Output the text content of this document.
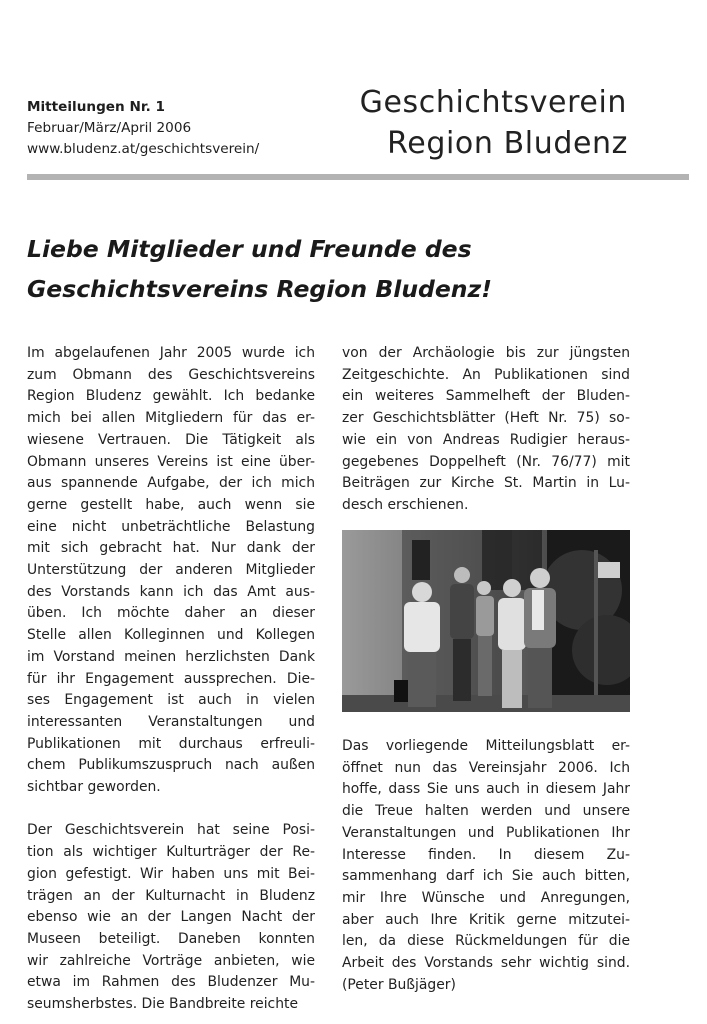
Mitteilungen Nr. 1
Februar/März/April 2006
www.bludenz.at/geschichtsverein/
Geschichtsverein
Region Bludenz
Liebe Mitglieder und Freunde des
Geschichtsvereins Region Bludenz!

Im abgelaufenen Jahr 2005 wurde ich
zum Obmann des Geschichtsvereins
Region Bludenz gewählt. Ich bedanke
mich bei allen Mitgliedern für das er-
wiesene Vertrauen. Die Tätigkeit als
Obmann unseres Vereins ist eine über-
aus spannende Aufgabe, der ich mich
gerne gestellt habe, auch wenn sie
eine nicht unbeträchtliche Belastung
mit sich gebracht hat. Nur dank der
Unterstützung der anderen Mitglieder
des Vorstands kann ich das Amt aus-
üben. Ich möchte daher an dieser
Stelle allen Kolleginnen und Kollegen
im Vorstand meinen herzlichsten Dank
für ihr Engagement aussprechen. Die-
ses Engagement ist auch in vielen
interessanten Veranstaltungen und
Publikationen mit durchaus erfreuli-
chem Publikumszuspruch nach außen
sichtbar geworden.

Der Geschichtsverein hat seine Posi-
tion als wichtiger Kulturträger der Re-
gion gefestigt. Wir haben uns mit Bei-
trägen an der Kulturnacht in Bludenz
ebenso wie an der Langen Nacht der
Museen beteiligt. Daneben konnten
wir zahlreiche Vorträge anbieten, wie
etwa im Rahmen des Bludenzer Mu-
seumsherbstes. Die Bandbreite reichte

von der Archäologie bis zur jüngsten
Zeitgeschichte. An Publikationen sind
ein weiteres Sammelheft der Bluden-
zer Geschichtsblätter (Heft Nr. 75) so-
wie ein von Andreas Rudigier heraus-
gegebenes Doppelheft (Nr. 76/77) mit
Beiträgen zur Kirche St. Martin in Lu-
desch erschienen.

Das vorliegende Mitteilungsblatt er-
öffnet nun das Vereinsjahr 2006. Ich
hoffe, dass Sie uns auch in diesem Jahr
die Treue halten werden und unsere
Veranstaltungen und Publikationen Ihr
Interesse finden. In diesem Zu-
sammenhang darf ich Sie auch bitten,
mir Ihre Wünsche und Anregungen,
aber auch Ihre Kritik gerne mitzutei-
len, da diese Rückmeldungen für die
Arbeit des Vorstands sehr wichtig sind.
(Peter Bußjäger)
